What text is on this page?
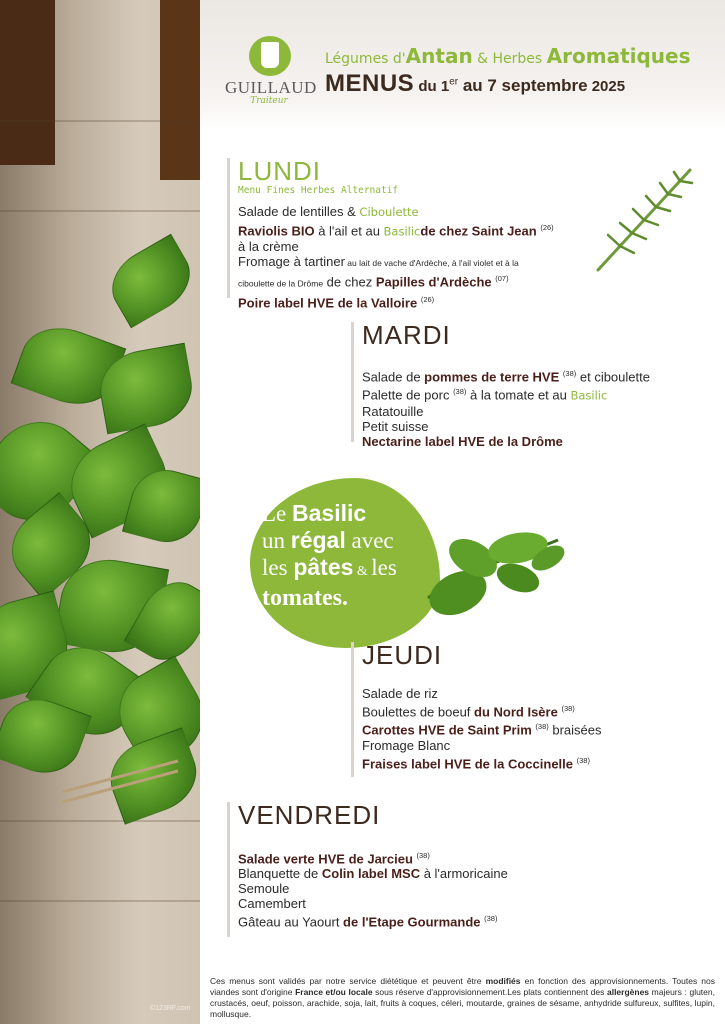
©123RF.com
GUILLAUD
Traiteur
Légumes d'Antan & Herbes Aromatiques
MENUS du 1er au 7 septembre 2025
LUNDI
Menu Fines Herbes Alternatif
Salade de lentilles & Ciboulette
Raviolis BIO à l'ail et au Basilicde chez Saint Jean $^{(26)}$
à la crème
Fromage à tartiner au lait de vache d'Ardèche, à l'ail violet et à la
ciboulette de la Drôme de chez Papilles d'Ardèche $^{(07)}$
Poire label HVE de la Valloire $^{(26)}$
MARDI
Salade de pommes de terre HVE $^{(38)}$ et ciboulette
Palette de porc $^{(38)}$ à la tomate et au Basilic
Ratatouille
Petit suisse
Nectarine label HVE de la Drôme
Le Basilic
un régal avec
les pâtes & les
tomates.
JEUDI
Salade de riz
Boulettes de boeuf du Nord Isère $^{(38)}$
Carottes HVE de Saint Prim $^{(38)}$ braisées
Fromage Blanc
Fraises label HVE de la Coccinelle $^{(38)}$
VENDREDI
Salade verte HVE de Jarcieu $^{(38)}$
Blanquette de Colin label MSC à l'armoricaine
Semoule
Camembert
Gâteau au Yaourt de l'Etape Gourmande $^{(38)}$
Ces menus sont validés par notre service diététique et peuvent être modifiés en fonction des approvisionnements. Toutes nos viandes sont d'origine France et/ou locale sous réserve d'approvisionnement.Les plats contiennent des allergènes majeurs : gluten, crustacés, oeuf, poisson, arachide, soja, lait, fruits à coques, céleri, moutarde, graines de sésame, anhydride sulfureux, sulfites, lupin, mollusque.
